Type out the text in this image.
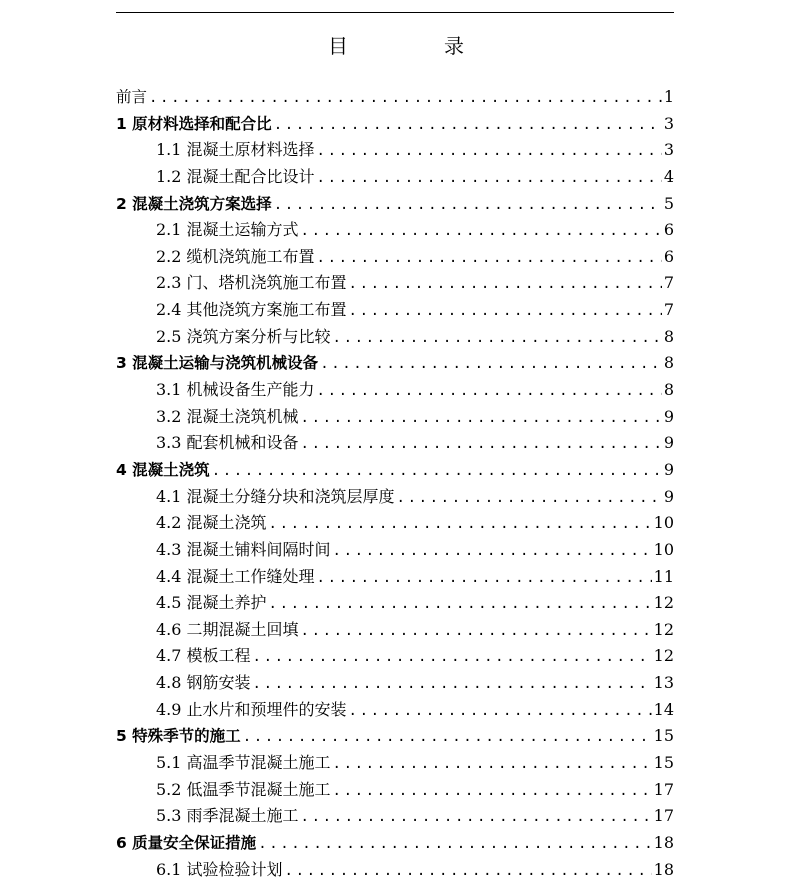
目　录
前言 .....	1
1 原材料选择和配合比 .....	3
1.1 混凝土原材料选择 .....	3
1.2 混凝土配合比设计 .....	4
2 混凝土浇筑方案选择 .....	5
2.1 混凝土运输方式 .....	6
2.2 缆机浇筑施工布置 .....	6
2.3 门、塔机浇筑施工布置 .....	7
2.4 其他浇筑方案施工布置 .....	7
2.5 浇筑方案分析与比较 .....	8
3 混凝土运输与浇筑机械设备 .....	8
3.1 机械设备生产能力 .....	8
3.2 混凝土浇筑机械 .....	9
3.3 配套机械和设备 .....	9
4 混凝土浇筑 .....	9
4.1 混凝土分缝分块和浇筑层厚度 .....	9
4.2 混凝土浇筑 .....	10
4.3 混凝土铺料间隔时间 .....	10
4.4 混凝土工作缝处理 .....	11
4.5 混凝土养护 .....	12
4.6 二期混凝土回填 .....	12
4.7 模板工程 .....	12
4.8 钢筋安装 .....	13
4.9 止水片和预埋件的安装 .....	14
5 特殊季节的施工 .....	15
5.1 高温季节混凝土施工 .....	15
5.2 低温季节混凝土施工 .....	17
5.3 雨季混凝土施工 .....	17
6 质量安全保证措施 .....	18
6.1 试验检验计划 .....	18
